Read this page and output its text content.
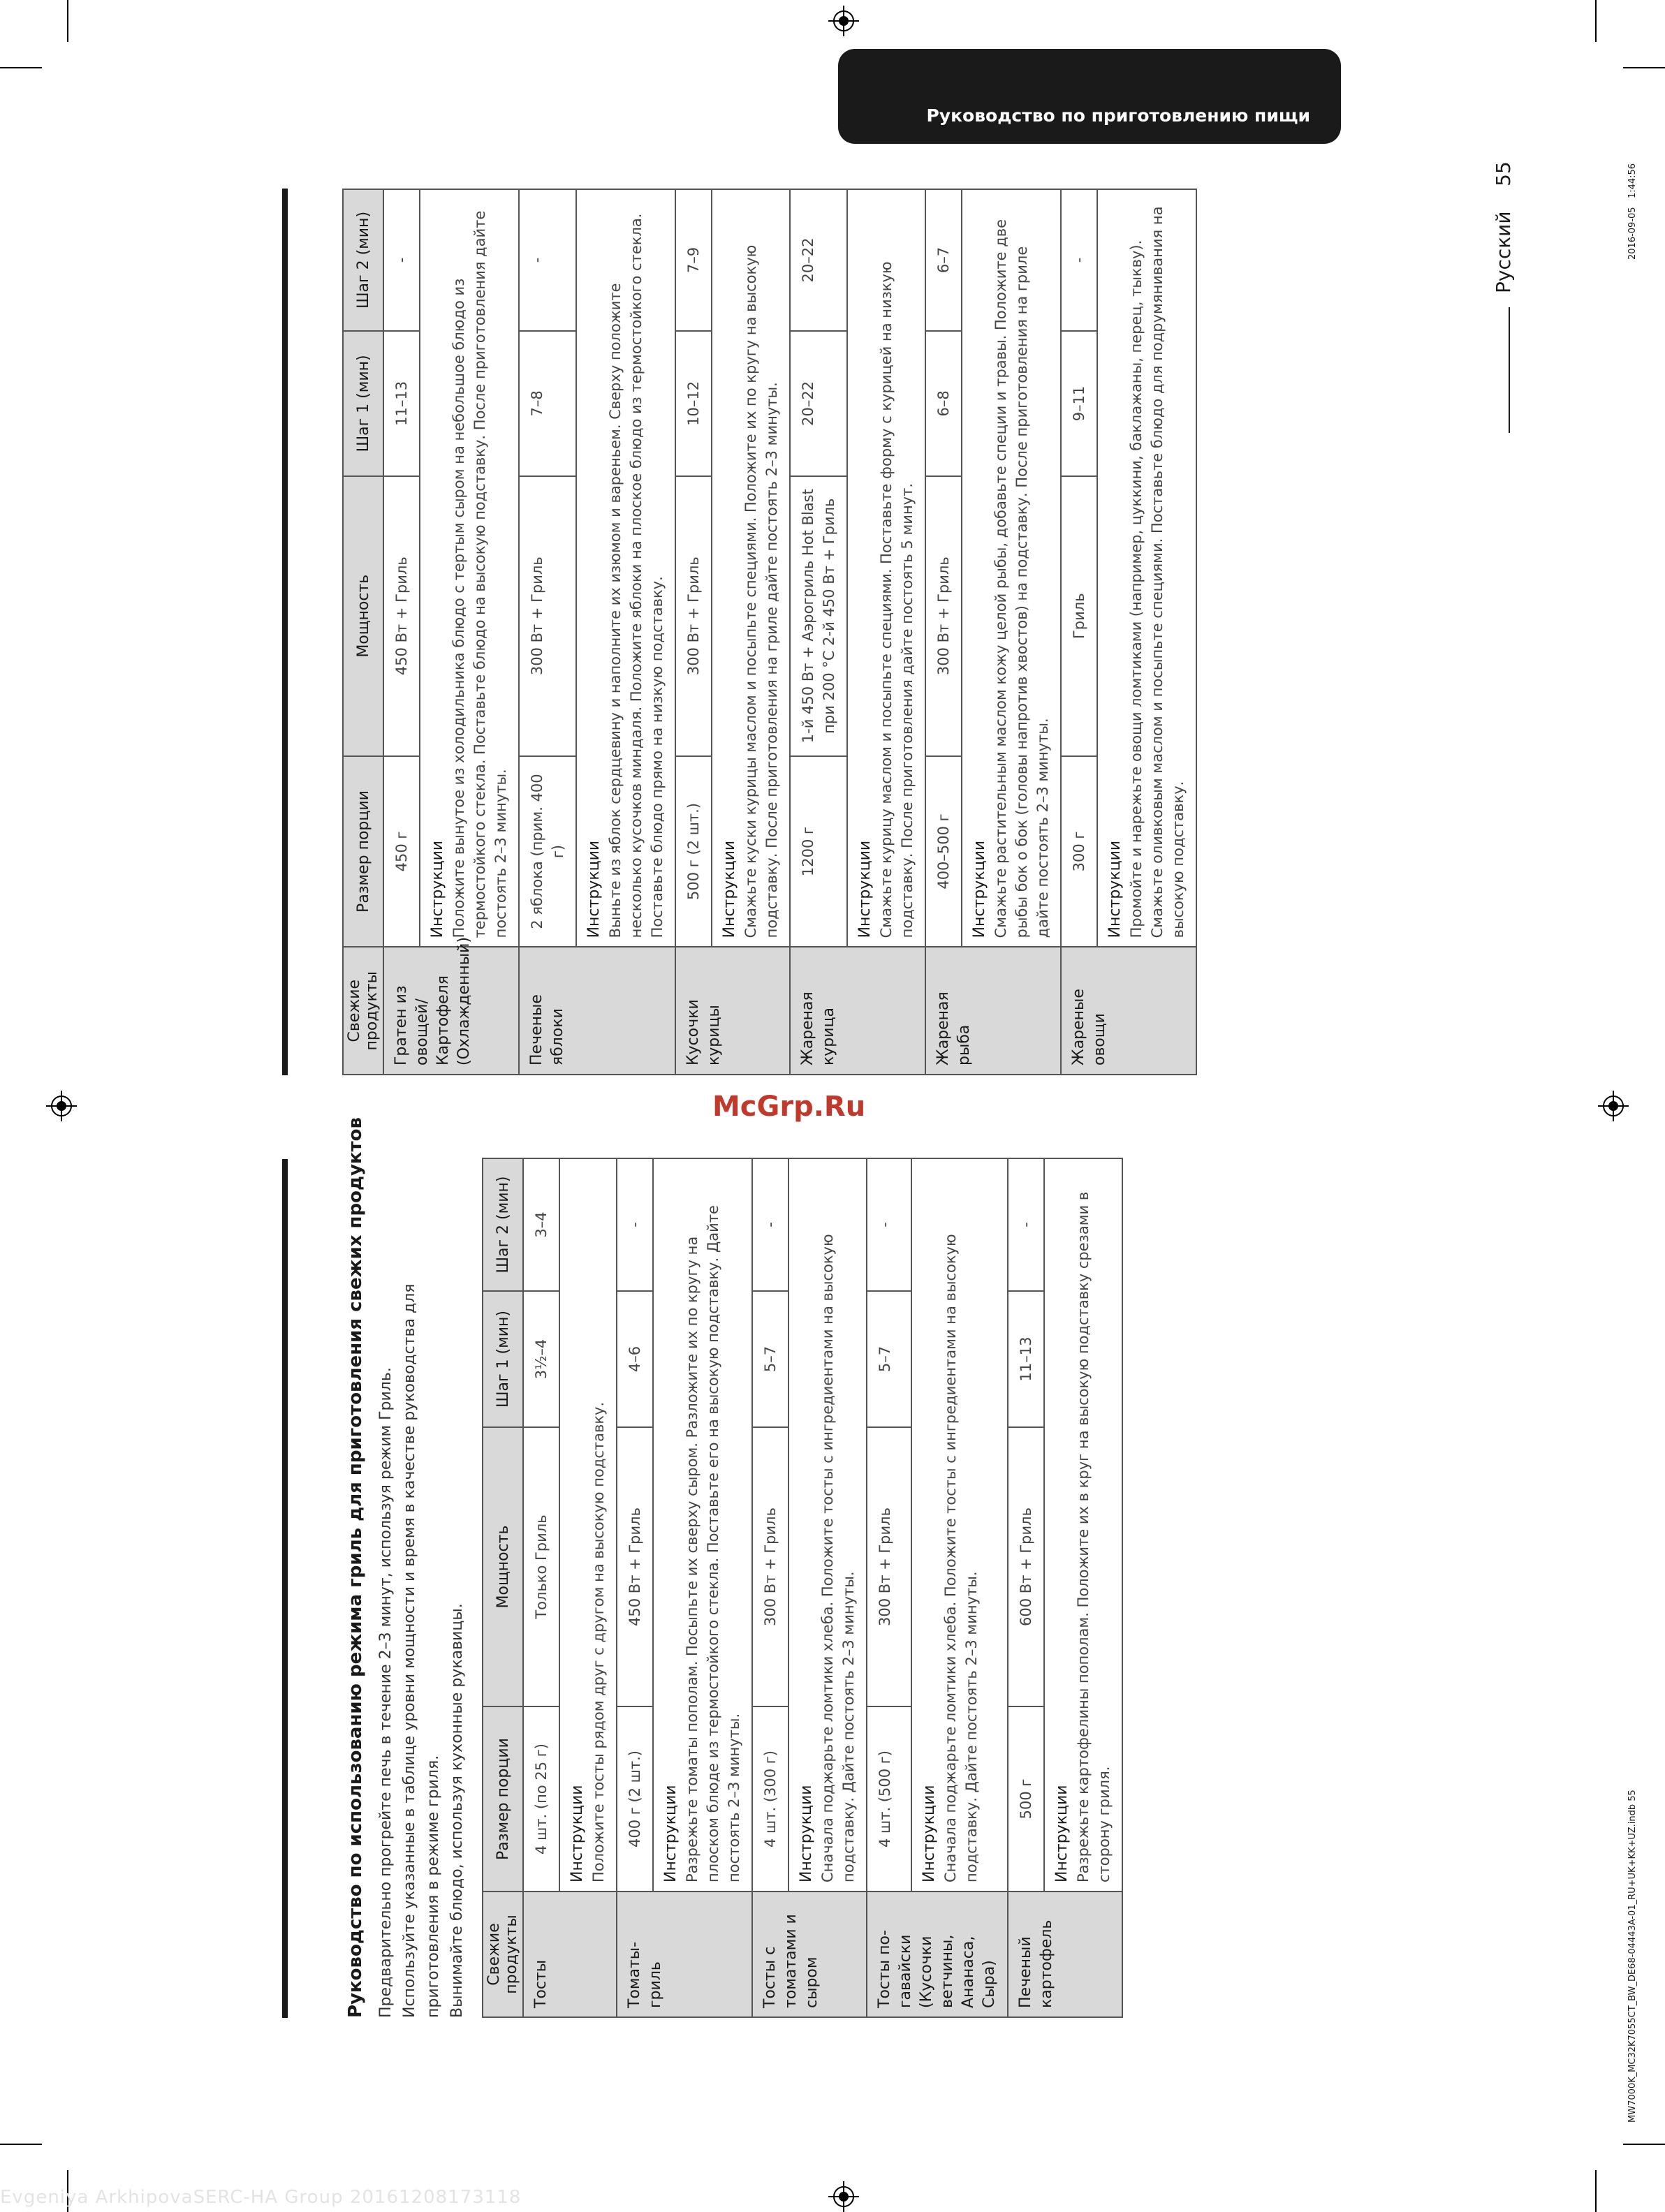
Руководство по приготовлению пищи
Русский    55
2016-09-05   1:44:56
MW7000K_MC32K7055CT_BW_DE68-04443A-01_RU+UK+KK+UZ.indb 55
Руководство по использованию режима гриль для приготовления свежих продуктов Предварительно прогрейте печь в течение 2–3 минут, используя режим Гриль. Используйте указанные в таблице уровни мощности и время в качестве руководства для приготовления в режиме гриля. Вынимайте блюдо, используя кухонные рукавицы. Свежие продукты	Размер порции	Мощность	Шаг 1 (мин)	Шаг 2 (мин)
Тосты	4 шт. (по 25 г)	Только Гриль	3½–4	3–4

	Инструкции Положите тосты рядом друг с другом на высокую подставку.			
Томаты-гриль	400 г (2 шт.)	450 Вт + Гриль	4–6	-

	Инструкции Разрежьте томаты пополам. Посыпьте их сверху сыром. Разложите их по кругу на плоском блюде из термостойкого стекла. Поставьте его на высокую подставку. Дайте постоять 2–3 минуты.			
Тосты с томатами и сыром	4 шт. (300 г)	300 Вт + Гриль	5–7	-

	Инструкции Сначала поджарьте ломтики хлеба. Положите тосты с ингредиентами на высокую подставку. Дайте постоять 2–3 минуты.			
Тосты по-гавайски (Кусочки ветчины, Ананаса, Сыра)	4 шт. (500 г)	300 Вт + Гриль	5–7	-

	Инструкции Сначала поджарьте ломтики хлеба. Положите тосты с ингредиентами на высокую подставку. Дайте постоять 2–3 минуты.			
Печеный картофель	500 г	600 Вт + Гриль	11–13	-

	Инструкции Разрежьте картофелины пополам. Положите их в круг на высокую подставку срезами в сторону гриля.			
Свежие продукты	Размер порции	Мощность	Шаг 1 (мин)	Шаг 2 (мин)
Гратен из овощей/Картофеля (Охлажденный)	450 г	450 Вт + Гриль	11–13	-

	Инструкции Положите вынутое из холодильника блюдо с тертым сыром на небольшое блюдо из термостойкого стекла. Поставьте блюдо на высокую подставку. После приготовления дайте постоять 2–3 минуты.			
Печеные яблоки	2 яблока (прим. 400 г)	300 Вт + Гриль	7–8	-

	Инструкции Выньте из яблок сердцевину и наполните их изюмом и вареньем. Сверху положите несколько кусочков миндаля. Положите яблоки на плоское блюдо из термостойкого стекла. Поставьте блюдо прямо на низкую подставку.			
Кусочки курицы	500 г (2 шт.)	300 Вт + Гриль	10–12	7–9

	Инструкции Смажьте куски курицы маслом и посыпьте специями. Положите их по кругу на высокую подставку. После приготовления на гриле дайте постоять 2–3 минуты.			
Жареная курица	1200 г	1-й 450 Вт + Аэрогриль Hot Blast при 200 °C 2-й 450 Вт + Гриль	20–22	20–22

	Инструкции Смажьте курицу маслом и посыпьте специями. Поставьте форму с курицей на низкую подставку. После приготовления дайте постоять 5 минут.			
Жареная рыба	400–500 г	300 Вт + Гриль	6–8	6–7

	Инструкции Смажьте растительным маслом кожу целой рыбы, добавьте специи и травы. Положите две рыбы бок о бок (головы напротив хвостов) на подставку. После приготовления на гриле дайте постоять 2–3 минуты.			
Жареные овощи	300 г	Гриль	9–11	-

	Инструкции Промойте и нарежьте овощи ломтиками (например, цуккини, баклажаны, перец, тыкву). Смажьте оливковым маслом и посыпьте специями. Поставьте блюдо для подрумянивания на высокую подставку.			
McGrp.Ru
Evgeniya ArkhipovaSERC-HA Group 20161208173118
